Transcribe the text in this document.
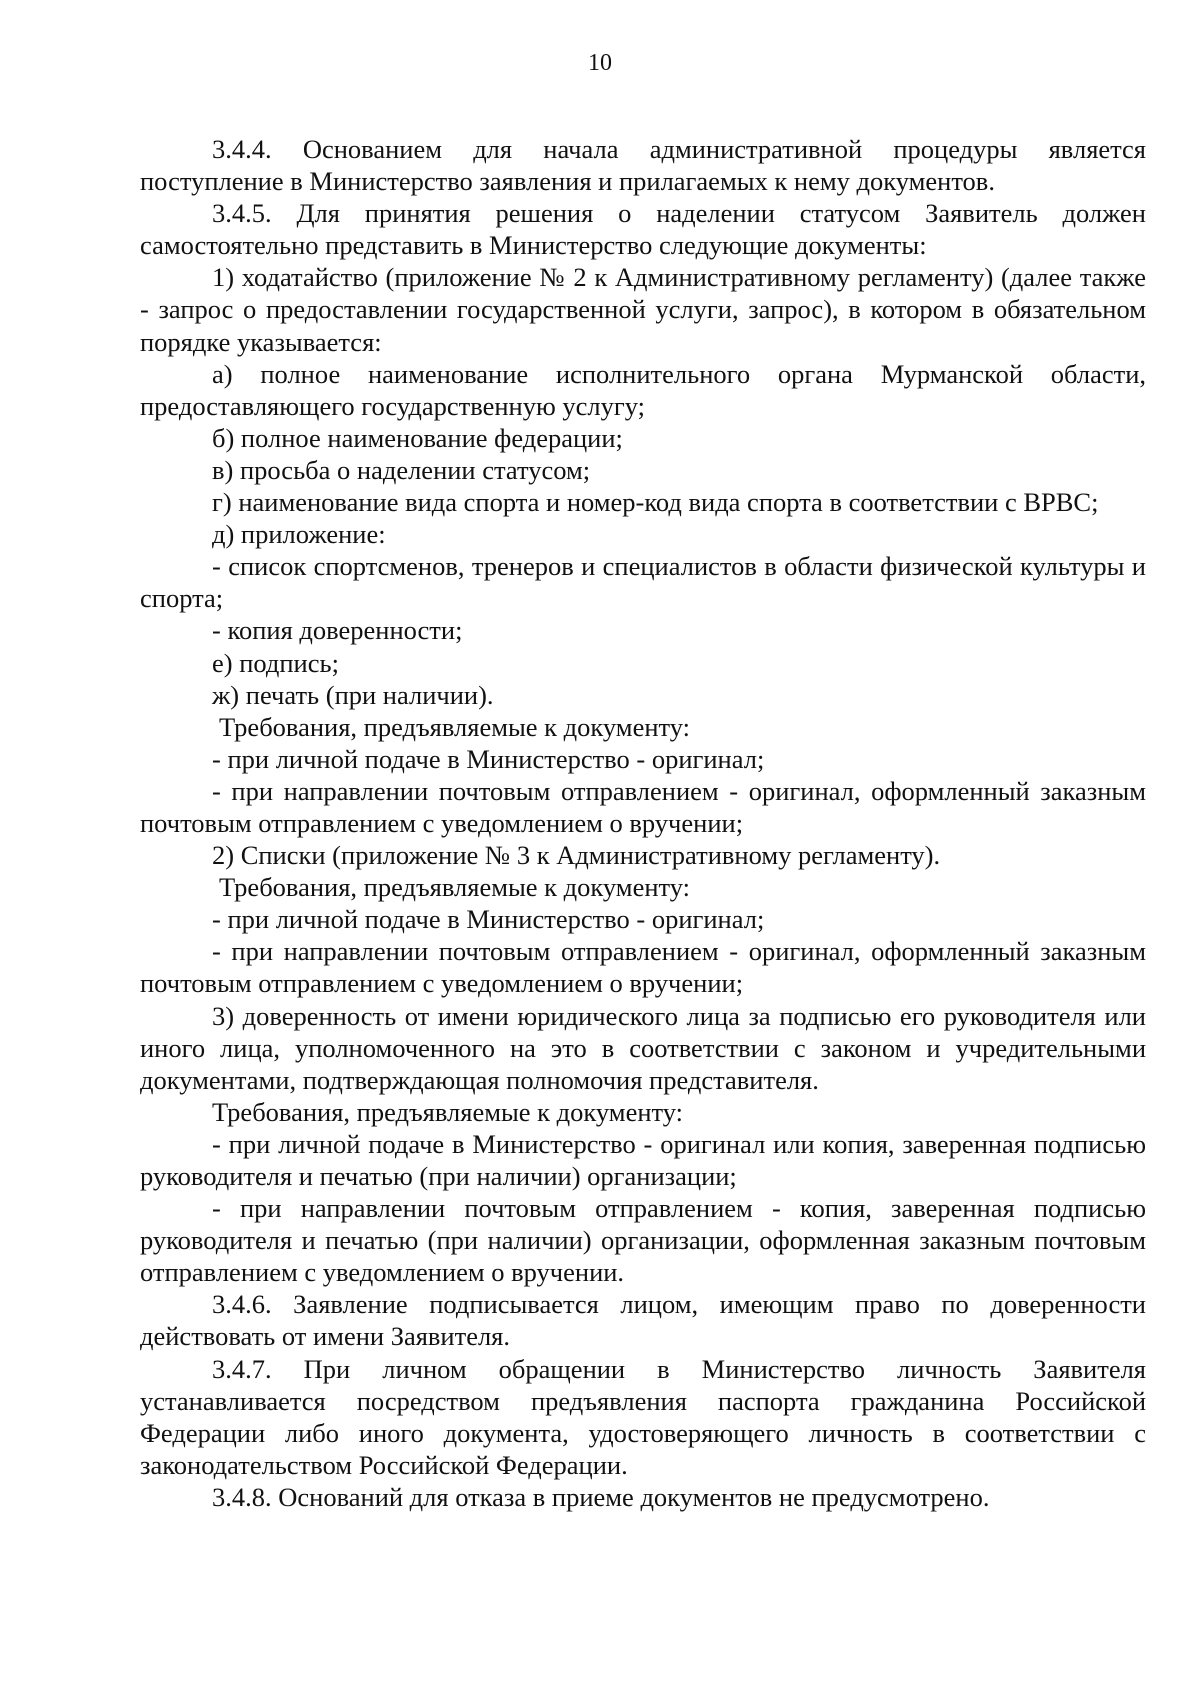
10

3.4.4. Основанием для начала административной процедуры является поступление в Министерство заявления и прилагаемых к нему документов.

3.4.5. Для принятия решения о наделении статусом Заявитель должен самостоятельно представить в Министерство следующие документы:

1) ходатайство (приложение № 2 к Административному регламенту) (далее также - запрос о предоставлении государственной услуги, запрос), в котором в обязательном порядке указывается:

а) полное наименование исполнительного органа Мурманской области, предоставляющего государственную услугу;

б) полное наименование федерации;

в) просьба о наделении статусом;

г) наименование вида спорта и номер-код вида спорта в соответствии с ВРВС;

д) приложение:

- список спортсменов, тренеров и специалистов в области физической культуры и спорта;

- копия доверенности;

е) подпись;

ж) печать (при наличии).

Требования, предъявляемые к документу:

- при личной подаче в Министерство - оригинал;

- при направлении почтовым отправлением - оригинал, оформленный заказным почтовым отправлением с уведомлением о вручении;

2) Списки (приложение № 3 к Административному регламенту).

Требования, предъявляемые к документу:

- при личной подаче в Министерство - оригинал;

- при направлении почтовым отправлением - оригинал, оформленный заказным почтовым отправлением с уведомлением о вручении;

3) доверенность от имени юридического лица за подписью его руководителя или иного лица, уполномоченного на это в соответствии с законом и учредительными документами, подтверждающая полномочия представителя.

Требования, предъявляемые к документу:

- при личной подаче в Министерство - оригинал или копия, заверенная подписью руководителя и печатью (при наличии) организации;

- при направлении почтовым отправлением - копия, заверенная подписью руководителя и печатью (при наличии) организации, оформленная заказным почтовым отправлением с уведомлением о вручении.

3.4.6. Заявление подписывается лицом, имеющим право по доверенности действовать от имени Заявителя.

3.4.7. При личном обращении в Министерство личность Заявителя устанавливается посредством предъявления паспорта гражданина Российской Федерации либо иного документа, удостоверяющего личность в соответствии с законодательством Российской Федерации.

3.4.8. Оснований для отказа в приеме документов не предусмотрено.
